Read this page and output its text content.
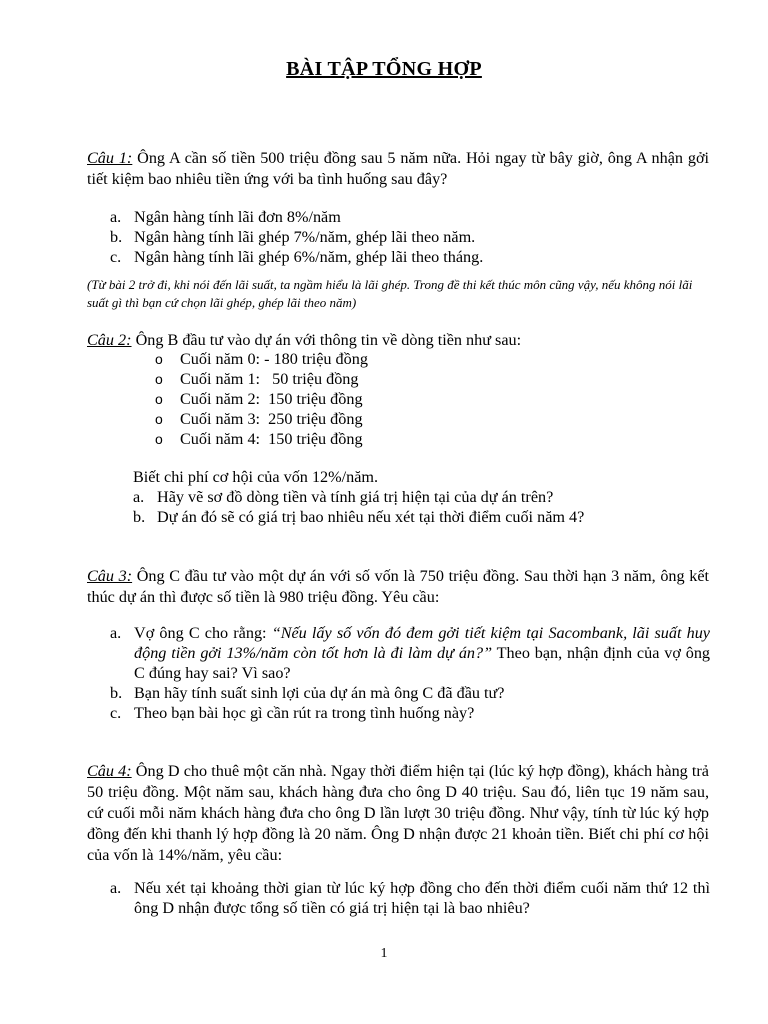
BÀI TẬP TỔNG HỢP
Câu 1: Ông A cần số tiền 500 triệu đồng sau 5 năm nữa. Hỏi ngay từ bây giờ, ông A nhận gởi tiết kiệm bao nhiêu tiền ứng với ba tình huống sau đây?
a. Ngân hàng tính lãi đơn 8%/năm
b. Ngân hàng tính lãi ghép 7%/năm, ghép lãi theo năm.
c. Ngân hàng tính lãi ghép 6%/năm, ghép lãi theo tháng.
(Từ bài 2 trở đi, khi nói đến lãi suất, ta ngầm hiểu là lãi ghép. Trong đề thi kết thúc môn cũng vậy, nếu không nói lãi suất gì thì bạn cứ chọn lãi ghép, ghép lãi theo năm)
Câu 2: Ông B đầu tư vào dự án với thông tin về dòng tiền như sau:
o Cuối năm 0: - 180 triệu đồng
o Cuối năm 1:   50 triệu đồng
o Cuối năm 2:  150 triệu đồng
o Cuối năm 3:  250 triệu đồng
o Cuối năm 4:  150 triệu đồng
Biết chi phí cơ hội của vốn 12%/năm.
a. Hãy vẽ sơ đồ dòng tiền và tính giá trị hiện tại của dự án trên?
b. Dự án đó sẽ có giá trị bao nhiêu nếu xét tại thời điểm cuối năm 4?
Câu 3: Ông C đầu tư vào một dự án với số vốn là 750 triệu đồng. Sau thời hạn 3 năm, ông kết thúc dự án thì được số tiền là 980 triệu đồng. Yêu cầu:
a. Vợ ông C cho rằng: “Nếu lấy số vốn đó đem gởi tiết kiệm tại Sacombank, lãi suất huy động tiền gởi 13%/năm còn tốt hơn là đi làm dự án?” Theo bạn, nhận định của vợ ông C đúng hay sai? Vì sao?
b. Bạn hãy tính suất sinh lợi của dự án mà ông C đã đầu tư?
c. Theo bạn bài học gì cần rút ra trong tình huống này?
Câu 4: Ông D cho thuê một căn nhà. Ngay thời điểm hiện tại (lúc ký hợp đồng), khách hàng trả 50 triệu đồng. Một năm sau, khách hàng đưa cho ông D 40 triệu. Sau đó, liên tục 19 năm sau, cứ cuối mỗi năm khách hàng đưa cho ông D lần lượt 30 triệu đồng. Như vậy, tính từ lúc ký hợp đồng đến khi thanh lý hợp đồng là 20 năm. Ông D nhận được 21 khoản tiền. Biết chi phí cơ hội của vốn là 14%/năm, yêu cầu:
a. Nếu xét tại khoảng thời gian từ lúc ký hợp đồng cho đến thời điểm cuối năm thứ 12 thì ông D nhận được tổng số tiền có giá trị hiện tại là bao nhiêu?
1
